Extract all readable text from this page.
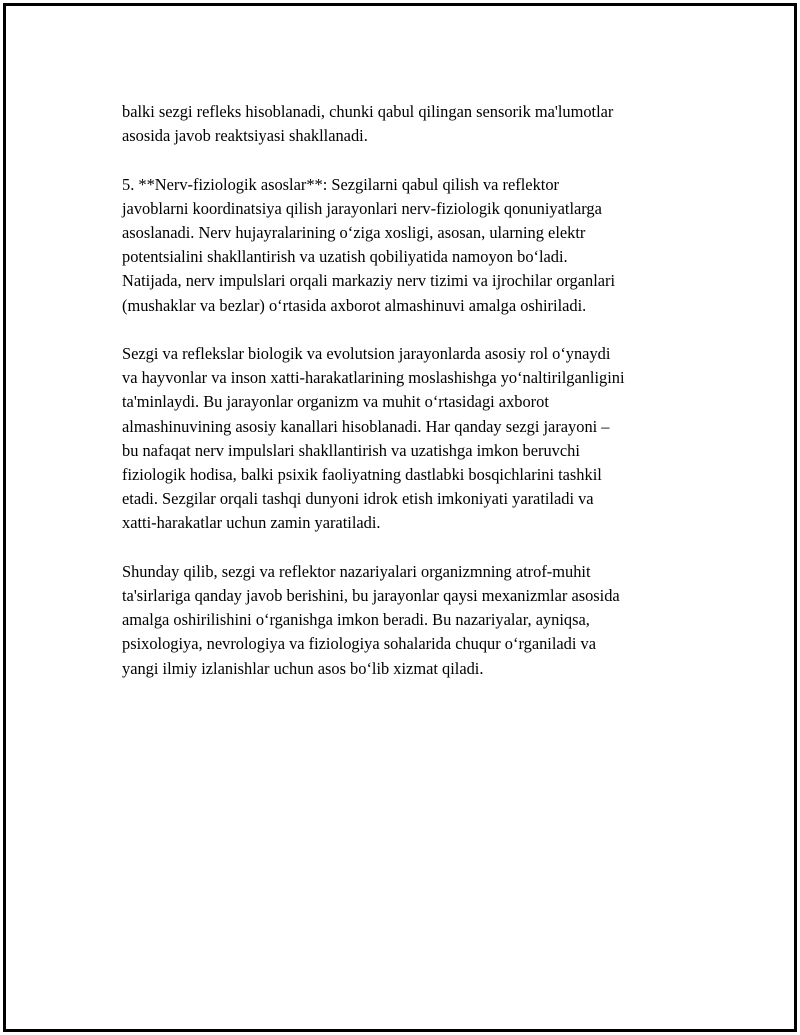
balki sezgi refleks hisoblanadi, chunki qabul qilingan sensorik ma'lumotlar
asosida javob reaktsiyasi shakllanadi.

5. **Nerv-fiziologik asoslar**: Sezgilarni qabul qilish va reflektor
javoblarni koordinatsiya qilish jarayonlari nerv-fiziologik qonuniyatlarga
asoslanadi. Nerv hujayralarining o‘ziga xosligi, asosan, ularning elektr
potentsialini shakllantirish va uzatish qobiliyatida namoyon bo‘ladi.
Natijada, nerv impulslari orqali markaziy nerv tizimi va ijrochilar organlari
(mushaklar va bezlar) o‘rtasida axborot almashinuvi amalga oshiriladi.

Sezgi va reflekslar biologik va evolutsion jarayonlarda asosiy rol o‘ynaydi
va hayvonlar va inson xatti-harakatlarining moslashishga yo‘naltirilganligini
ta'minlaydi. Bu jarayonlar organizm va muhit o‘rtasidagi axborot
almashinuvining asosiy kanallari hisoblanadi. Har qanday sezgi jarayoni –
bu nafaqat nerv impulslari shakllantirish va uzatishga imkon beruvchi
fiziologik hodisa, balki psixik faoliyatning dastlabki bosqichlarini tashkil
etadi. Sezgilar orqali tashqi dunyoni idrok etish imkoniyati yaratiladi va
xatti-harakatlar uchun zamin yaratiladi.

Shunday qilib, sezgi va reflektor nazariyalari organizmning atrof-muhit
ta'sirlariga qanday javob berishini, bu jarayonlar qaysi mexanizmlar asosida
amalga oshirilishini o‘rganishga imkon beradi. Bu nazariyalar, ayniqsa,
psixologiya, nevrologiya va fiziologiya sohalarida chuqur o‘rganiladi va
yangi ilmiy izlanishlar uchun asos bo‘lib xizmat qiladi.
